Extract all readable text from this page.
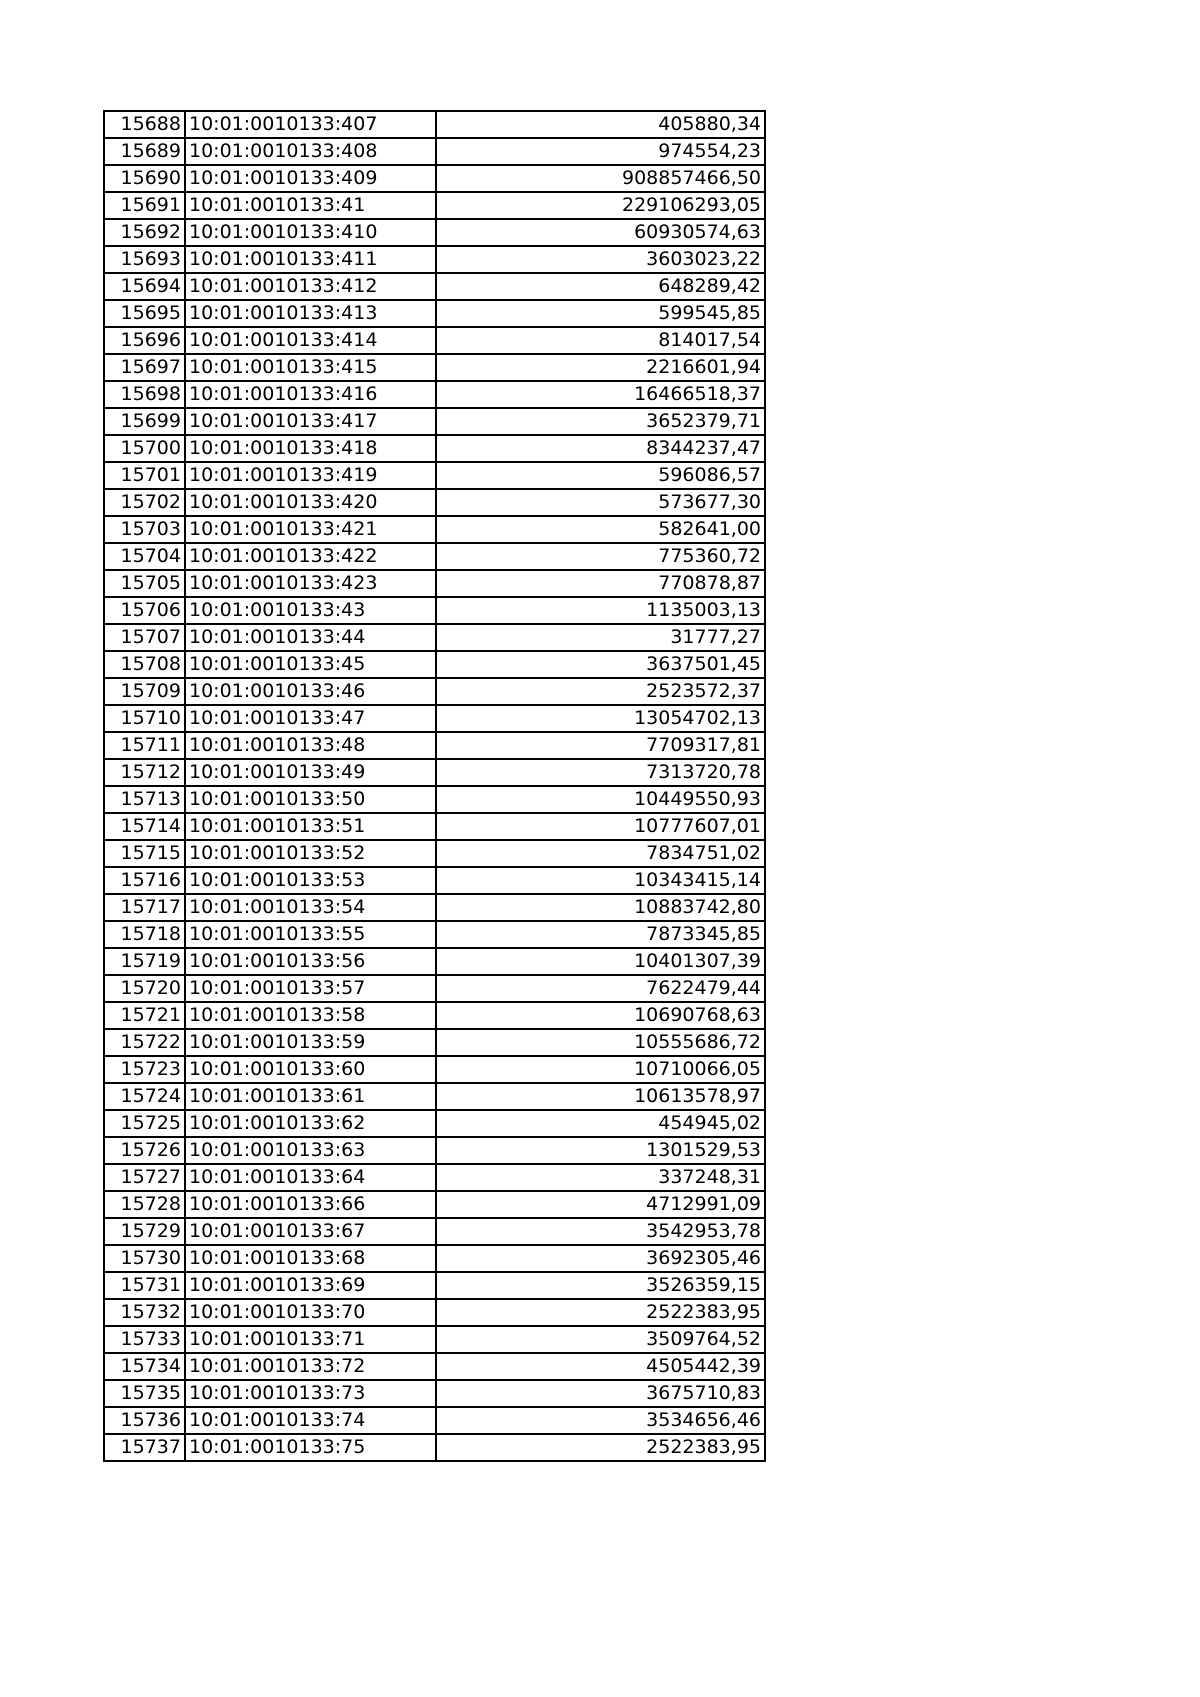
15688	10:01:0010133:407	405880,34
15689	10:01:0010133:408	974554,23
15690	10:01:0010133:409	908857466,50
15691	10:01:0010133:41	229106293,05
15692	10:01:0010133:410	60930574,63
15693	10:01:0010133:411	3603023,22
15694	10:01:0010133:412	648289,42
15695	10:01:0010133:413	599545,85
15696	10:01:0010133:414	814017,54
15697	10:01:0010133:415	2216601,94
15698	10:01:0010133:416	16466518,37
15699	10:01:0010133:417	3652379,71
15700	10:01:0010133:418	8344237,47
15701	10:01:0010133:419	596086,57
15702	10:01:0010133:420	573677,30
15703	10:01:0010133:421	582641,00
15704	10:01:0010133:422	775360,72
15705	10:01:0010133:423	770878,87
15706	10:01:0010133:43	1135003,13
15707	10:01:0010133:44	31777,27
15708	10:01:0010133:45	3637501,45
15709	10:01:0010133:46	2523572,37
15710	10:01:0010133:47	13054702,13
15711	10:01:0010133:48	7709317,81
15712	10:01:0010133:49	7313720,78
15713	10:01:0010133:50	10449550,93
15714	10:01:0010133:51	10777607,01
15715	10:01:0010133:52	7834751,02
15716	10:01:0010133:53	10343415,14
15717	10:01:0010133:54	10883742,80
15718	10:01:0010133:55	7873345,85
15719	10:01:0010133:56	10401307,39
15720	10:01:0010133:57	7622479,44
15721	10:01:0010133:58	10690768,63
15722	10:01:0010133:59	10555686,72
15723	10:01:0010133:60	10710066,05
15724	10:01:0010133:61	10613578,97
15725	10:01:0010133:62	454945,02
15726	10:01:0010133:63	1301529,53
15727	10:01:0010133:64	337248,31
15728	10:01:0010133:66	4712991,09
15729	10:01:0010133:67	3542953,78
15730	10:01:0010133:68	3692305,46
15731	10:01:0010133:69	3526359,15
15732	10:01:0010133:70	2522383,95
15733	10:01:0010133:71	3509764,52
15734	10:01:0010133:72	4505442,39
15735	10:01:0010133:73	3675710,83
15736	10:01:0010133:74	3534656,46
15737	10:01:0010133:75	2522383,95
